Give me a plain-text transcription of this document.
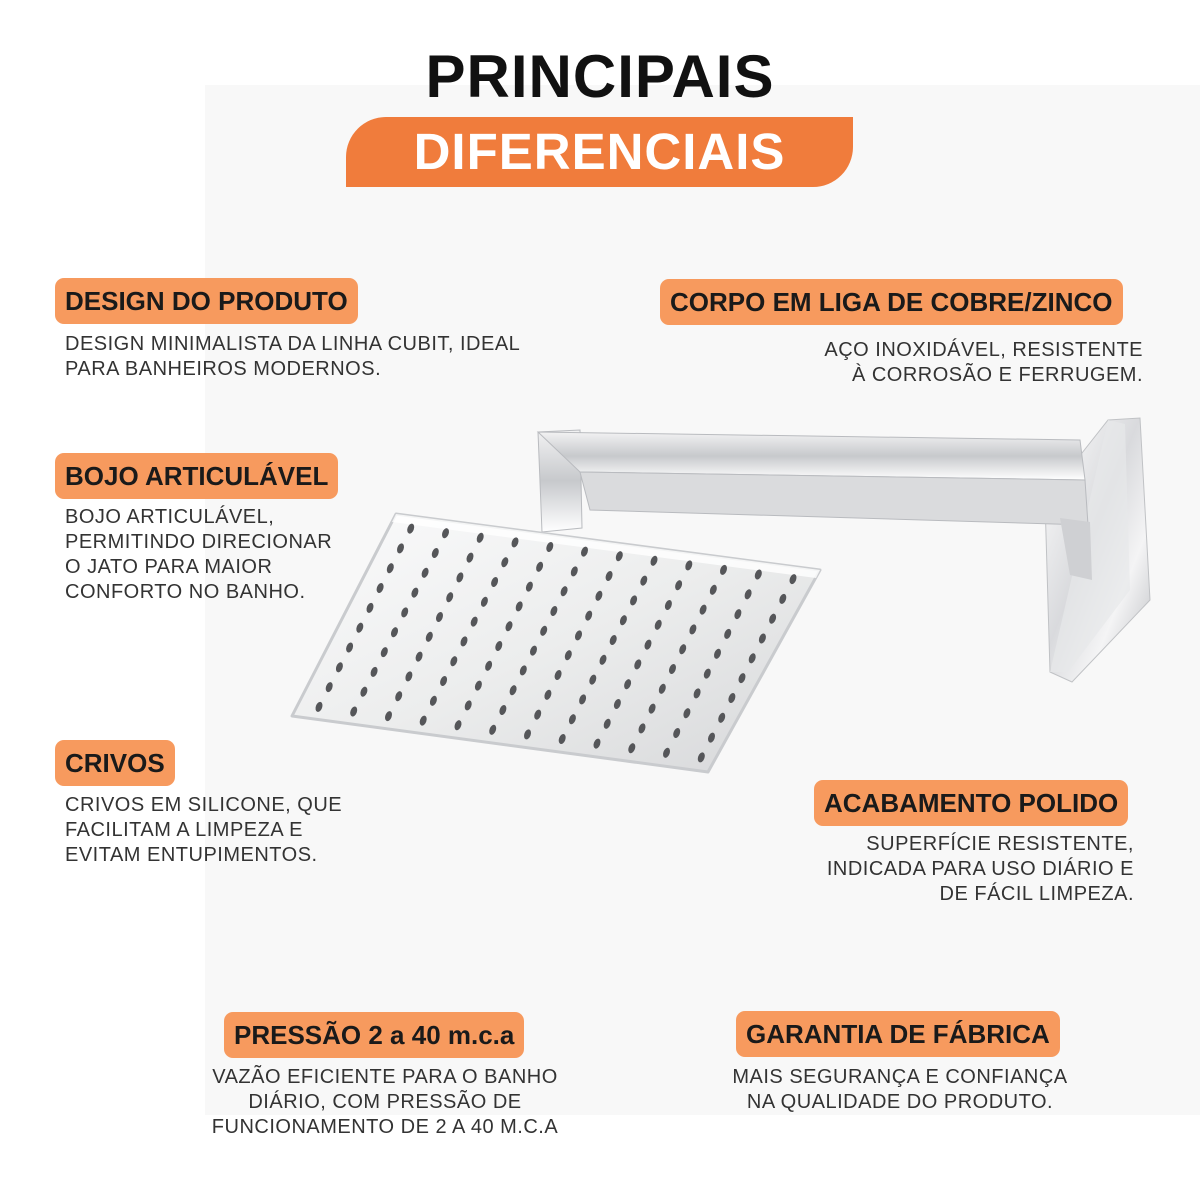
PRINCIPAIS
DIFERENCIAIS
DESIGN DO PRODUTO
DESIGN MINIMALISTA DA LINHA CUBIT, IDEAL
PARA BANHEIROS MODERNOS.
CORPO EM LIGA DE COBRE/ZINCO
AÇO INOXIDÁVEL, RESISTENTE
À CORROSÃO E FERRUGEM.
BOJO ARTICULÁVEL
BOJO ARTICULÁVEL,
PERMITINDO DIRECIONAR
O JATO PARA MAIOR
CONFORTO NO BANHO.
CRIVOS
CRIVOS EM SILICONE, QUE
FACILITAM A LIMPEZA E
EVITAM ENTUPIMENTOS.
ACABAMENTO POLIDO
SUPERFÍCIE RESISTENTE,
INDICADA PARA USO DIÁRIO E
DE FÁCIL LIMPEZA.
PRESSÃO 2 a 40 m.c.a
VAZÃO EFICIENTE PARA O BANHO
DIÁRIO, COM PRESSÃO DE
FUNCIONAMENTO DE 2 A 40 M.C.A
GARANTIA DE FÁBRICA
MAIS SEGURANÇA E CONFIANÇA
NA QUALIDADE DO PRODUTO.
